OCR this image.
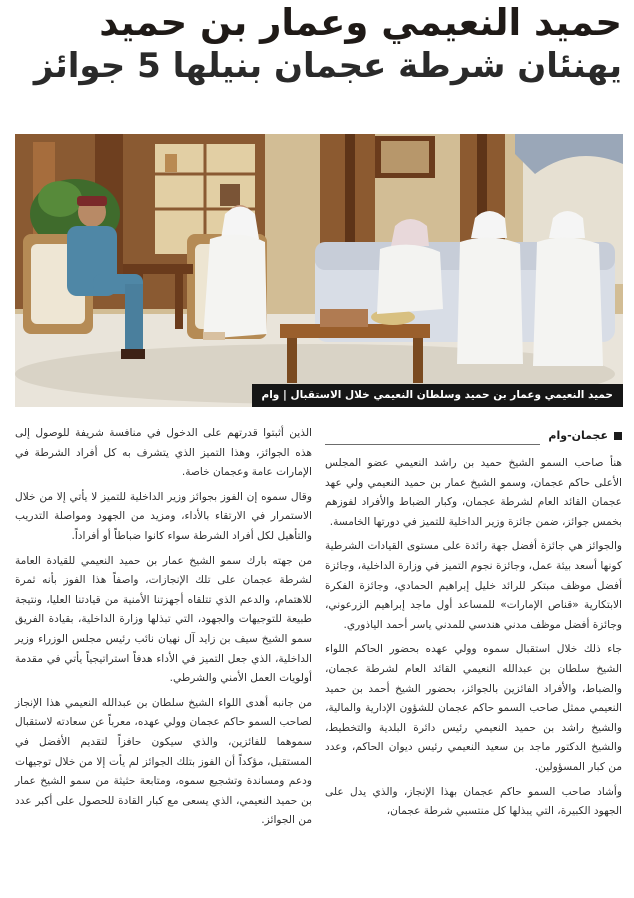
حميد النعيمي وعمار بن حميد
يهنئان شرطة عجمان بنيلها 5 جوائز
حميد النعيمي وعمار بن حميد وسلطان النعيمي خلال الاستقبال | وام
عجمان-وام

هنأ صاحب السمو الشيخ حميد بن راشد النعيمي عضو المجلس الأعلى حاكم عجمان، وسمو الشيخ عمار بن حميد النعيمي ولي عهد عجمان القائد العام لشرطة عجمان، وكبار الضباط والأفراد لفوزهم بخمس جوائز، ضمن جائزة وزير الداخلية للتميز في دورتها الخامسة.

والجوائز هي جائزة أفضل جهة رائدة على مستوى القيادات الشرطية كونها أسعد بيئة عمل، وجائزة نجوم التميز في وزارة الداخلية، وجائزة أفضل موظف مبتكر للرائد خليل إبراهيم الحمادي، وجائزة الفكرة الابتكارية «قناص الإمارات» للمساعد أول ماجد إبراهيم الزرعوني، وجائزة أفضل موظف مدني هندسي للمدني ياسر أحمد الياذوري.

جاء ذلك خلال استقبال سموه وولي عهده بحضور الحاكم اللواء الشيخ سلطان بن عبدالله النعيمي القائد العام لشرطة عجمان، والضباط، والأفراد الفائزين بالجوائز، بحضور الشيخ أحمد بن حميد النعيمي ممثل صاحب السمو حاكم عجمان للشؤون الإدارية والمالية، والشيخ راشد بن حميد النعيمي رئيس دائرة البلدية والتخطيط، والشيخ الدكتور ماجد بن سعيد النعيمي رئيس ديوان الحاكم، وعدد من كبار المسؤولين.

وأشاد صاحب السمو حاكم عجمان بهذا الإنجاز، والذي يدل على الجهود الكبيرة، التي يبذلها كل منتسبي شرطة عجمان،

الذين أثبتوا قدرتهم على الدخول في منافسة شريفة للوصول إلى هذه الجوائز، وهذا التميز الذي يتشرف به كل أفراد الشرطة في الإمارات عامة وعجمان خاصة.

وقال سموه إن الفوز بجوائز وزير الداخلية للتميز لا يأتي إلا من خلال الاستمرار في الارتقاء بالأداء، ومزيد من الجهود ومواصلة التدريب والتأهيل لكل أفراد الشرطة سواء كانوا ضباطاً أو أفراداً.

من جهته بارك سمو الشيخ عمار بن حميد النعيمي للقيادة العامة لشرطة عجمان على تلك الإنجازات، واصفاً هذا الفوز بأنه ثمرة للاهتمام، والدعم الذي تتلقاه أجهزتنا الأمنية من قيادتنا العليا، ونتيجة طبيعة للتوجيهات والجهود، التي تبذلها وزارة الداخلية، بقيادة الفريق سمو الشيخ سيف بن زايد آل نهيان نائب رئيس مجلس الوزراء وزير الداخلية، الذي جعل التميز في الأداء هدفاً استراتيجياً يأتي في مقدمة أولويات العمل الأمني والشرطي.

من جانبه أهدى اللواء الشيخ سلطان بن عبدالله النعيمي هذا الإنجاز لصاحب السمو حاكم عجمان وولي عهده، معرباً عن سعادته لاستقبال سموهما للفائزين، والذي سيكون حافزاً لتقديم الأفضل في المستقبل، مؤكداً أن الفوز بتلك الجوائز لم يأت إلا من خلال توجيهات ودعم ومساندة وتشجيع سموه، ومتابعة حثيثة من سمو الشيخ عمار بن حميد النعيمي، الذي يسعى مع كبار القادة للحصول على أكبر عدد من الجوائز.
